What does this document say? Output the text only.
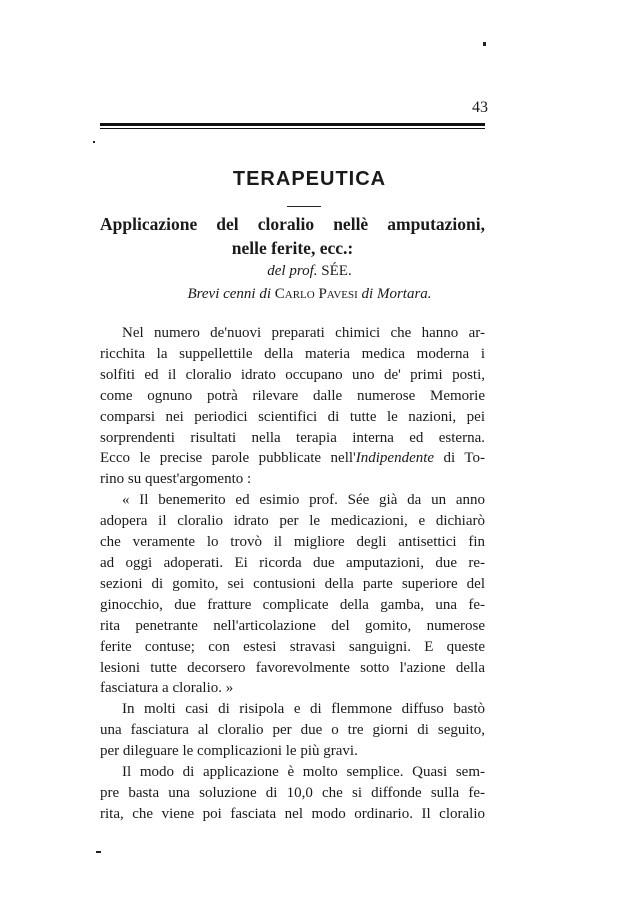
43
TERAPEUTICA
Applicazione del cloralio nellè amputazioni,
nelle ferite, ecc.:
del prof. SÉE.
Brevi cenni di Carlo Pavesi di Mortara.
Nel numero de'nuovi preparati chimici che hanno ar-
ricchita la suppellettile della materia medica moderna i
solfiti ed il cloralio idrato occupano uno de' primi posti,
come ognuno potrà rilevare dalle numerose Memorie
comparsi nei periodici scientifici di tutte le nazioni, pei
sorprendenti risultati nella terapia interna ed esterna.
Ecco le precise parole pubblicate nell'Indipendente di To-
rino su quest'argomento :
« Il benemerito ed esimio prof. Sée già da un anno
adopera il cloralio idrato per le medicazioni, e dichiarò
che veramente lo trovò il migliore degli antisettici fin
ad oggi adoperati. Ei ricorda due amputazioni, due re-
sezioni di gomito, sei contusioni della parte superiore del
ginocchio, due fratture complicate della gamba, una fe-
rita penetrante nell'articolazione del gomito, numerose
ferite contuse; con estesi stravasi sanguigni. E queste
lesioni tutte decorsero favorevolmente sotto l'azione della
fasciatura a cloralio. »
In molti casi di risipola e di flemmone diffuso bastò
una fasciatura al cloralio per due o tre giorni di seguito,
per dileguare le complicazioni le più gravi.
Il modo di applicazione è molto semplice. Quasi sem-
pre basta una soluzione di 10,0 che si diffonde sulla fe-
rita, che viene poi fasciata nel modo ordinario. Il cloralio
